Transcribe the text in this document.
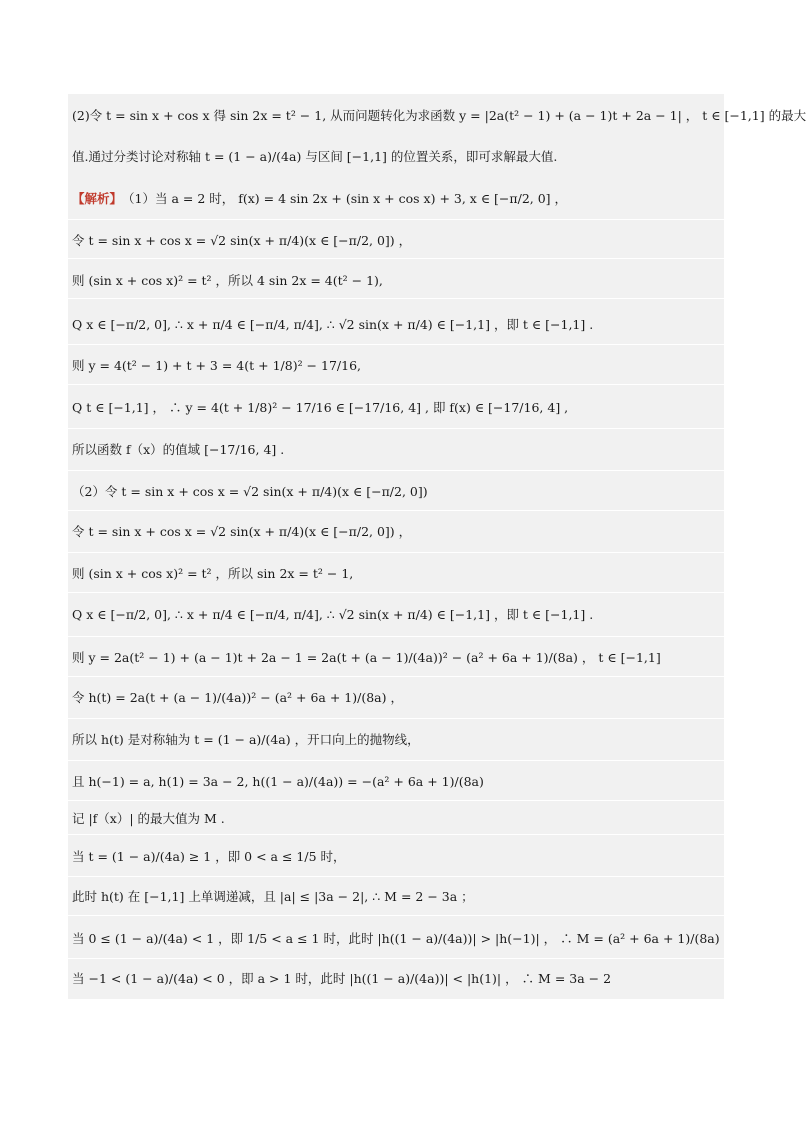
(2)令 t = sin x + cos x 得 sin 2x = t² − 1, 从而问题转化为求函数 y = |2a(t² − 1) + (a − 1)t + 2a − 1| ， t ∈ [−1,1] 的最大
值.通过分类讨论对称轴 t = (1 − a)/(4a) 与区间 [−1,1] 的位置关系，即可求解最大值.
【解析】 （1）当 a = 2 时， f(x) = 4 sin 2x + (sin x + cos x) + 3, x ∈ [−π/2, 0] ，
令 t = sin x + cos x = √2 sin(x + π/4)(x ∈ [−π/2, 0]) ，
则 (sin x + cos x)² = t² ，所以 4 sin 2x = 4(t² − 1),
Q x ∈ [−π/2, 0], ∴ x + π/4 ∈ [−π/4, π/4], ∴ √2 sin(x + π/4) ∈ [−1,1] ，即 t ∈ [−1,1] .
则 y = 4(t² − 1) + t + 3 = 4(t + 1/8)² − 17/16,
Q t ∈ [−1,1] ， ∴ y = 4(t + 1/8)² − 17/16 ∈ [−17/16, 4] , 即 f(x) ∈ [−17/16, 4] ,
所以函数 f（x）的值域 [−17/16, 4] .
（2）令 t = sin x + cos x = √2 sin(x + π/4)(x ∈ [−π/2, 0])
令 t = sin x + cos x = √2 sin(x + π/4)(x ∈ [−π/2, 0]) ，
则 (sin x + cos x)² = t² ，所以 sin 2x = t² − 1,
Q x ∈ [−π/2, 0], ∴ x + π/4 ∈ [−π/4, π/4], ∴ √2 sin(x + π/4) ∈ [−1,1] ，即 t ∈ [−1,1] .
则 y = 2a(t² − 1) + (a − 1)t + 2a − 1 = 2a(t + (a − 1)/(4a))² − (a² + 6a + 1)/(8a) ， t ∈ [−1,1]
令 h(t) = 2a(t + (a − 1)/(4a))² − (a² + 6a + 1)/(8a) ，
所以 h(t) 是对称轴为 t = (1 − a)/(4a) ，开口向上的抛物线，
且 h(−1) = a, h(1) = 3a − 2, h((1 − a)/(4a)) = −(a² + 6a + 1)/(8a)
记 |f（x）| 的最大值为 M .
当 t = (1 − a)/(4a) ≥ 1 ，即 0 < a ≤ 1/5 时，
此时 h(t) 在 [−1,1] 上单调递减，且 |a| ≤ |3a − 2|, ∴ M = 2 − 3a ；
当 0 ≤ (1 − a)/(4a) < 1 ，即 1/5 < a ≤ 1 时，此时 |h((1 − a)/(4a))| > |h(−1)| ， ∴ M = (a² + 6a + 1)/(8a)
当 −1 < (1 − a)/(4a) < 0 ，即 a > 1 时，此时 |h((1 − a)/(4a))| < |h(1)| ， ∴ M = 3a − 2
